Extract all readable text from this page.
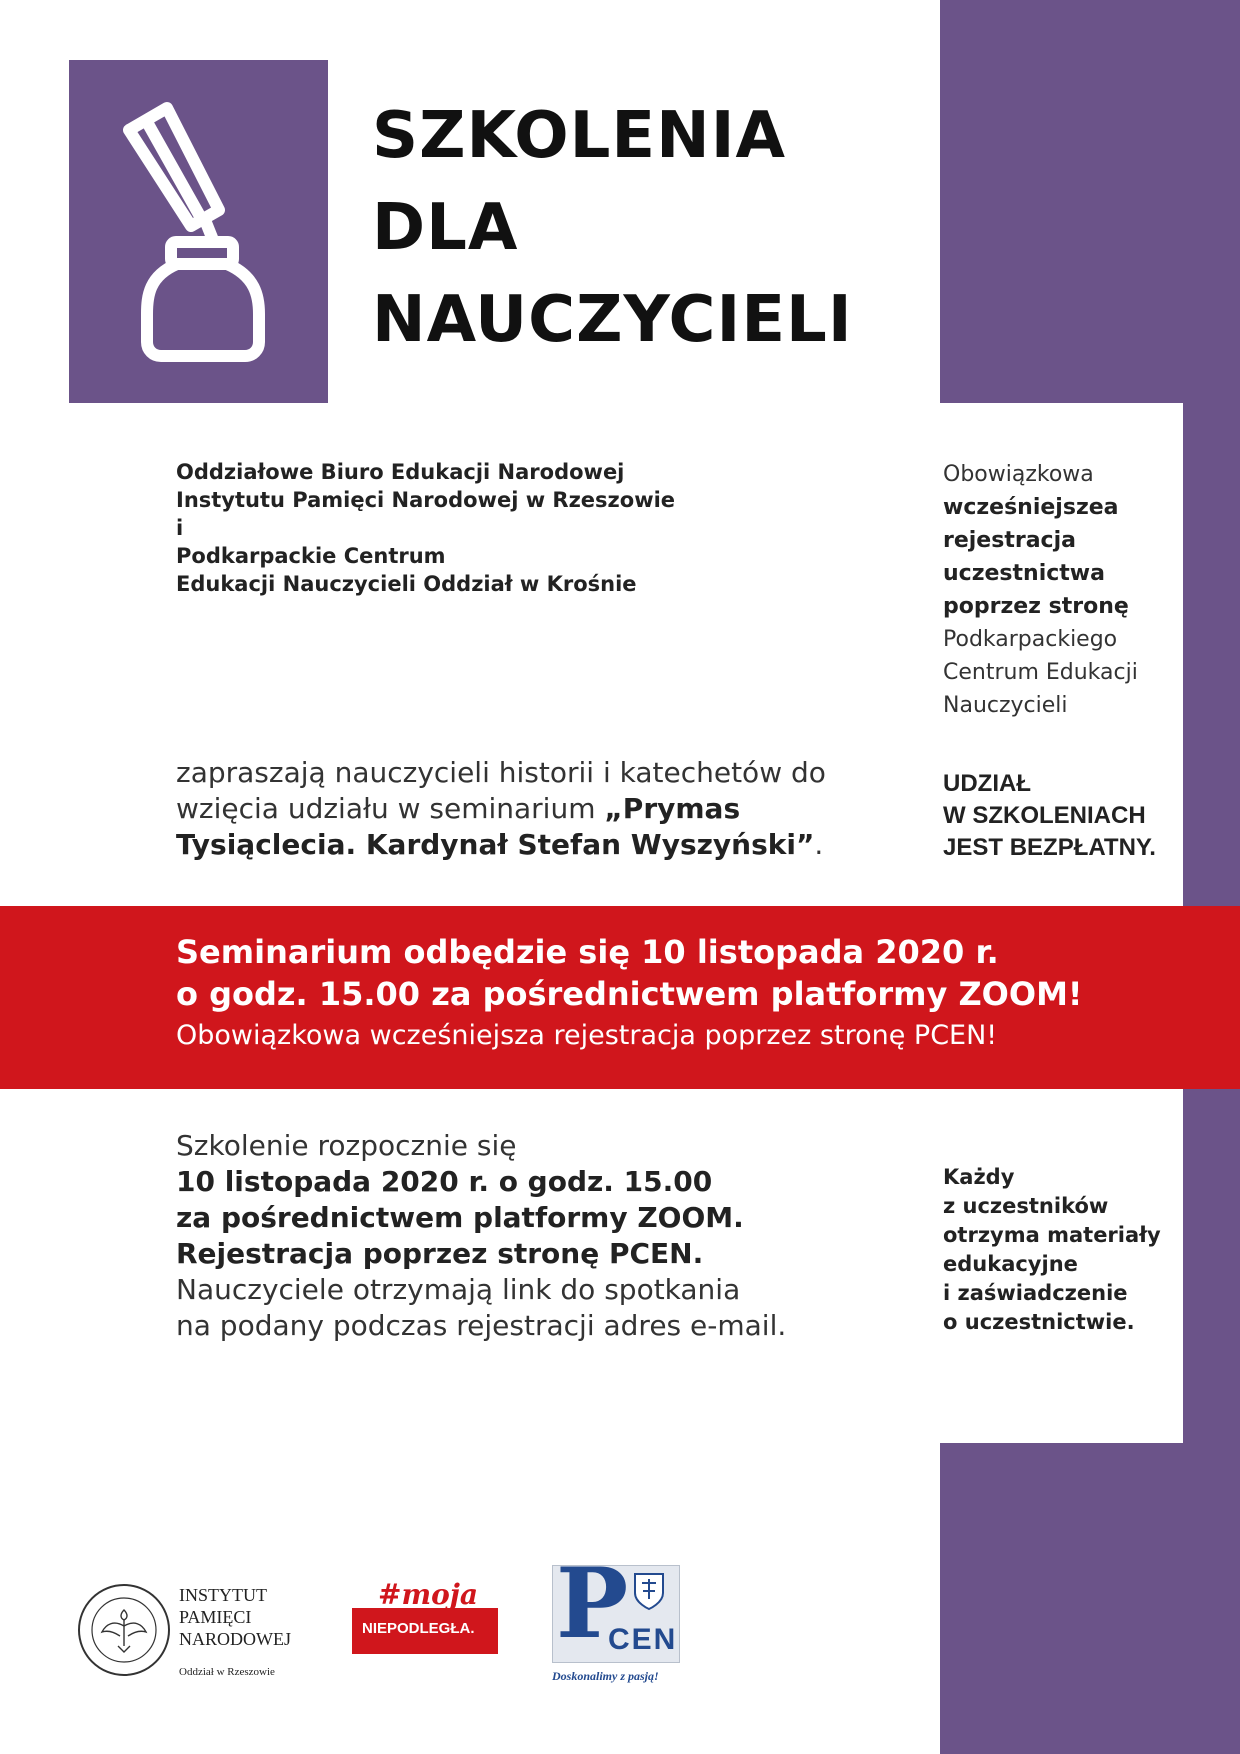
SZKOLENIA
DLA
NAUCZYCIELI
Oddziałowe Biuro Edukacji Narodowej
Instytutu Pamięci Narodowej w Rzeszowie
i
Podkarpackie Centrum
Edukacji Nauczycieli Oddział w Krośnie
Obowiązkowa
wcześniejszea rejestracja uczestnictwa poprzez stronę Podkarpackiego Centrum Edukacji Nauczycieli
zapraszają nauczycieli historii i katechetów do wzięcia udziału w seminarium „Prymas Tysiąclecia. Kardynał Stefan Wyszyński”.
UDZIAŁ
W SZKOLENIACH
JEST BEZPŁATNY.
Seminarium odbędzie się 10 listopada 2020 r.
o godz. 15.00 za pośrednictwem platformy ZOOM!
Obowiązkowa wcześniejsza rejestracja poprzez stronę PCEN!
Szkolenie rozpocznie się
10 listopada 2020 r. o godz. 15.00
za pośrednictwem platformy ZOOM.
Rejestracja poprzez stronę PCEN.
Nauczyciele otrzymają link do spotkania
na podany podczas rejestracji adres e-mail.
Każdy
z uczestników
otrzyma materiały
edukacyjne
i zaświadczenie
o uczestnictwie.
INSTYTUT
PAMIĘCI
NARODOWEJ
Oddział w Rzeszowie
#moja
NIEPODLEGŁA. P
CEN
Doskonalimy z pasją!
